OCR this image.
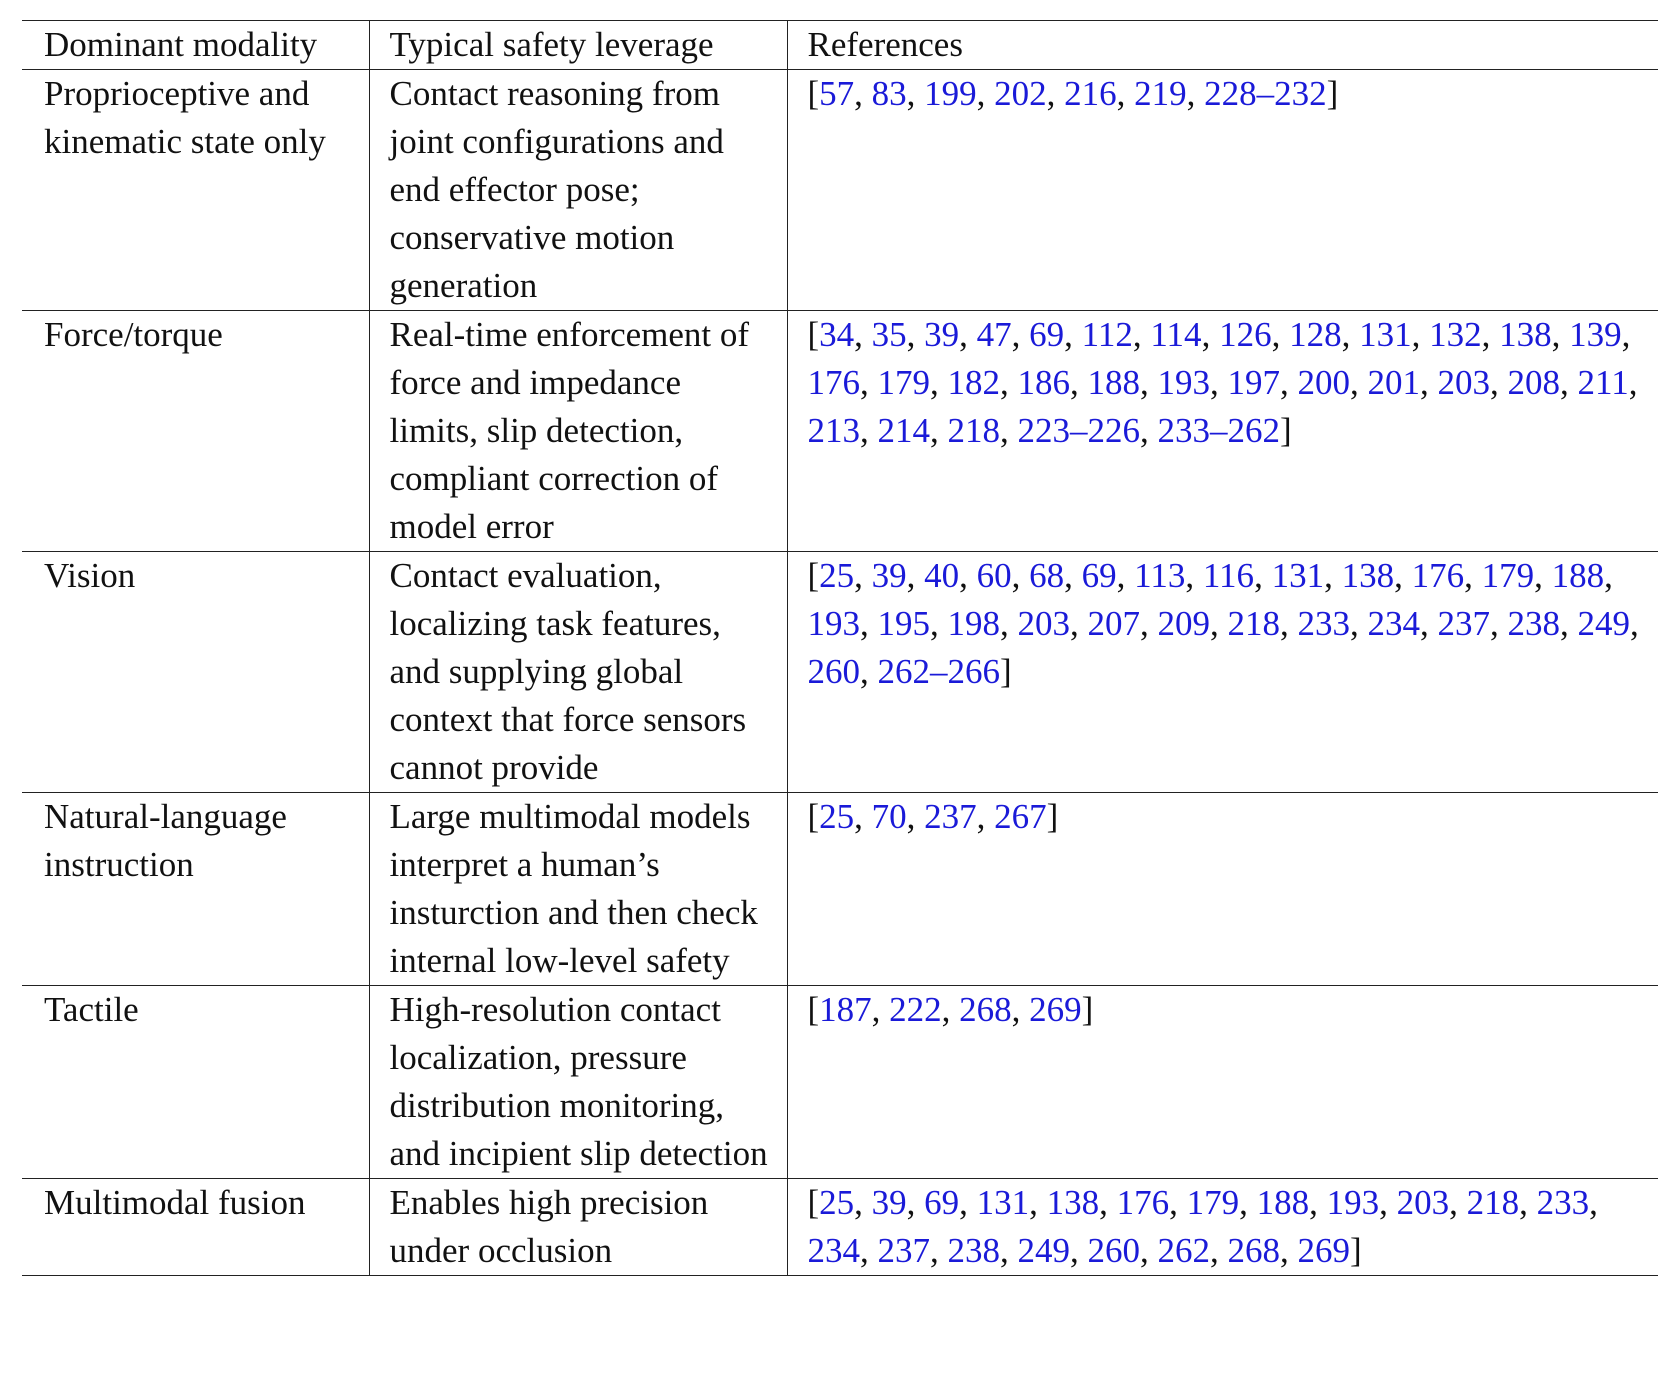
Dominant modality	Typical safety leverage	References
Proprioceptive and kinematic state only	Contact reasoning from joint configurations and end effector pose; conservative motion generation	[57, 83, 199, 202, 216, 219, 228–232]
Force/torque	Real-time enforcement of force and impedance limits, slip detection, compliant correction of model error	[34, 35, 39, 47, 69, 112, 114, 126, 128, 131, 132, 138, 139, 176, 179, 182, 186, 188, 193, 197, 200, 201, 203, 208, 211, 213, 214, 218, 223–226, 233–262]
Vision	Contact evaluation, localizing task features, and supplying global context that force sensors cannot provide	[25, 39, 40, 60, 68, 69, 113, 116, 131, 138, 176, 179, 188, 193, 195, 198, 203, 207, 209, 218, 233, 234, 237, 238, 249, 260, 262–266]
Natural-language instruction	Large multimodal models interpret a human’s insturction and then check internal low-level safety	[25, 70, 237, 267]
Tactile	High-resolution contact localization, pressure distribution monitoring, and incipient slip detection	[187, 222, 268, 269]
Multimodal fusion	Enables high precision under occlusion	[25, 39, 69, 131, 138, 176, 179, 188, 193, 203, 218, 233, 234, 237, 238, 249, 260, 262, 268, 269]
